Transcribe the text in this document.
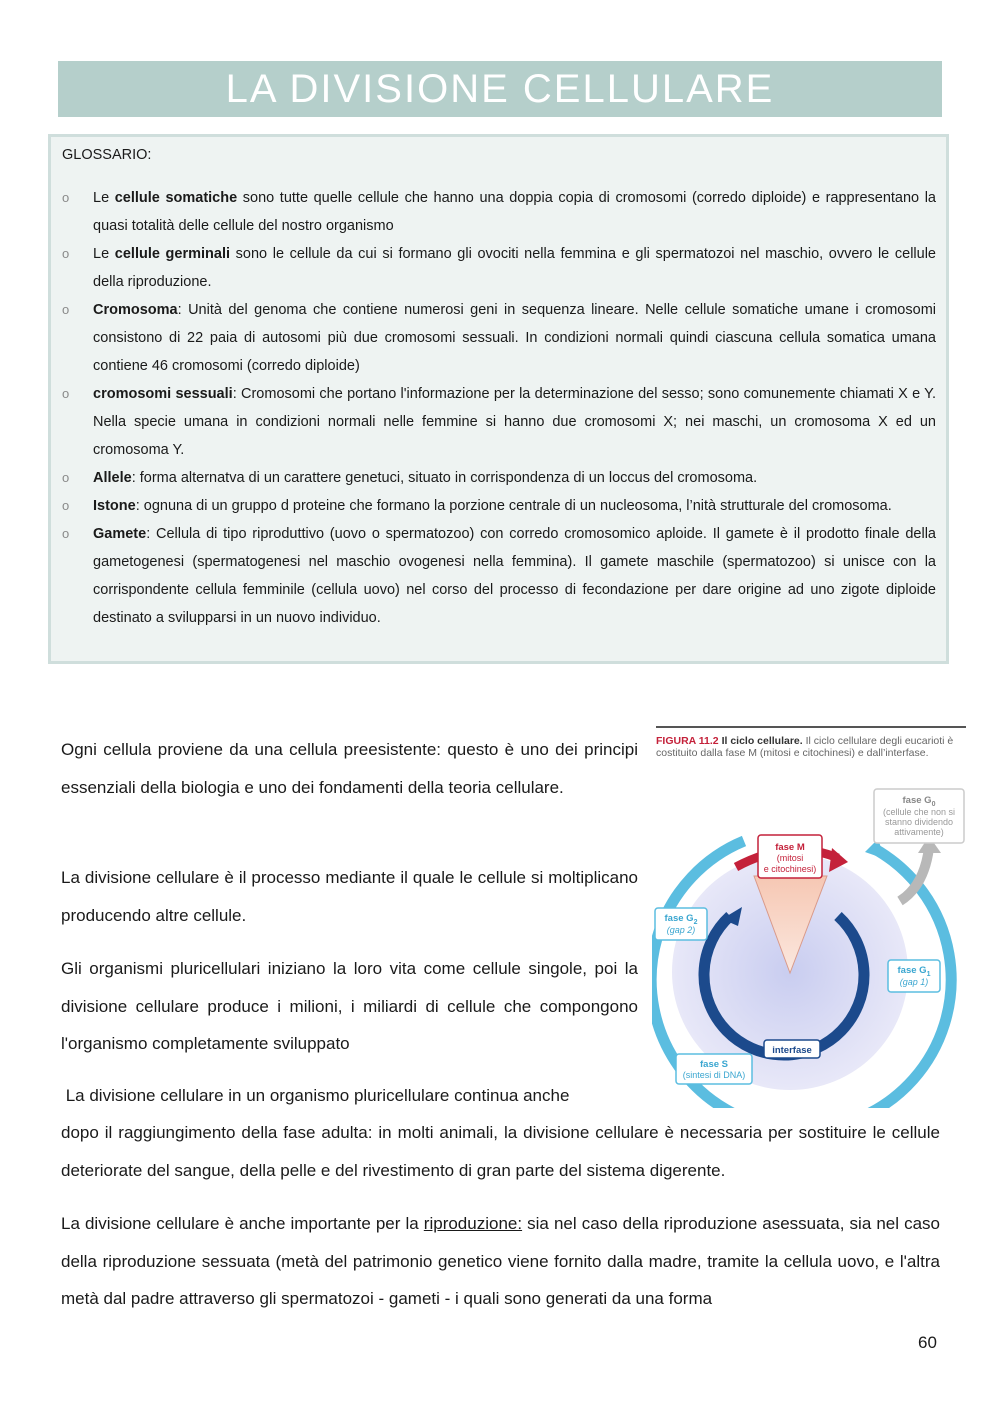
LA DIVISIONE CELLULARE
GLOSSARIO:
o Le cellule somatiche sono tutte quelle cellule che hanno una doppia copia di cromosomi (corredo diploide) e rappresentano la quasi totalità delle cellule del nostro organismo
o Le cellule germinali sono le cellule da cui si formano gli ovociti nella femmina e gli spermatozoi nel maschio, ovvero le cellule della riproduzione.
o Cromosoma: Unità del genoma che contiene numerosi geni in sequenza lineare. Nelle cellule somatiche umane i cromosomi consistono di 22 paia di autosomi più due cromosomi sessuali. In condizioni normali quindi ciascuna cellula somatica umana contiene 46 cromosomi (corredo diploide)
o cromosomi sessuali: Cromosomi che portano l'informazione per la determinazione del sesso; sono comunemente chiamati X e Y. Nella specie umana in condizioni normali nelle femmine si hanno due cromosomi X; nei maschi, un cromosoma X ed un cromosoma Y.
o Allele: forma alternatva di un carattere genetuci, situato in corrispondenza di un loccus del cromosoma.
o Istone: ognuna di un gruppo d proteine che formano la porzione centrale di un nucleosoma, l’nità strutturale del cromosoma.
o Gamete: Cellula di tipo riproduttivo (uovo o spermatozoo) con corredo cromosomico aploide. Il gamete è il prodotto finale della gametogenesi (spermatogenesi nel maschio ovogenesi nella femmina). Il gamete maschile (spermatozoo) si unisce con la corrispondente cellula femminile (cellula uovo) nel corso del processo di fecondazione per dare origine ad uno zigote diploide destinato a svilupparsi in un nuovo individuo.
Ogni cellula proviene da una cellula preesistente: questo è uno dei principi essenziali della biologia e uno dei fondamenti della teoria cellulare.
La divisione cellulare è il processo mediante il quale le cellule si moltiplicano producendo altre cellule.
Gli organismi pluricellulari iniziano la loro vita come cellule singole, poi la divisione cellulare produce i milioni, i miliardi di cellule che compongono l'organismo completamente sviluppato
La divisione cellulare in un organismo pluricellulare continua anche
dopo il raggiungimento della fase adulta: in molti animali, la divisione cellulare è necessaria per sostituire le cellule deteriorate del sangue, della pelle e del rivestimento di gran parte del sistema digerente.
La divisione cellulare è anche importante per la riproduzione: sia nel caso della riproduzione asessuata, sia nel caso della riproduzione sessuata (metà del patrimonio genetico viene fornito dalla madre, tramite la cellula uovo, e l'altra metà dal padre attraverso gli spermatozoi - gameti - i quali sono generati da una forma
FIGURA 11.2 Il ciclo cellulare. Il ciclo cellulare degli eucarioti è costituito dalla fase M (mitosi e citochinesi) e dall’interfase.
fase M
(mitosi
e citochinesi)
fase $G_0$
(cellule che non si
stanno dividendo
attivamente)
fase $G_2$
(gap 2)
fase $G_1$
(gap 1)
fase S
(sintesi di DNA)
interfase
60
